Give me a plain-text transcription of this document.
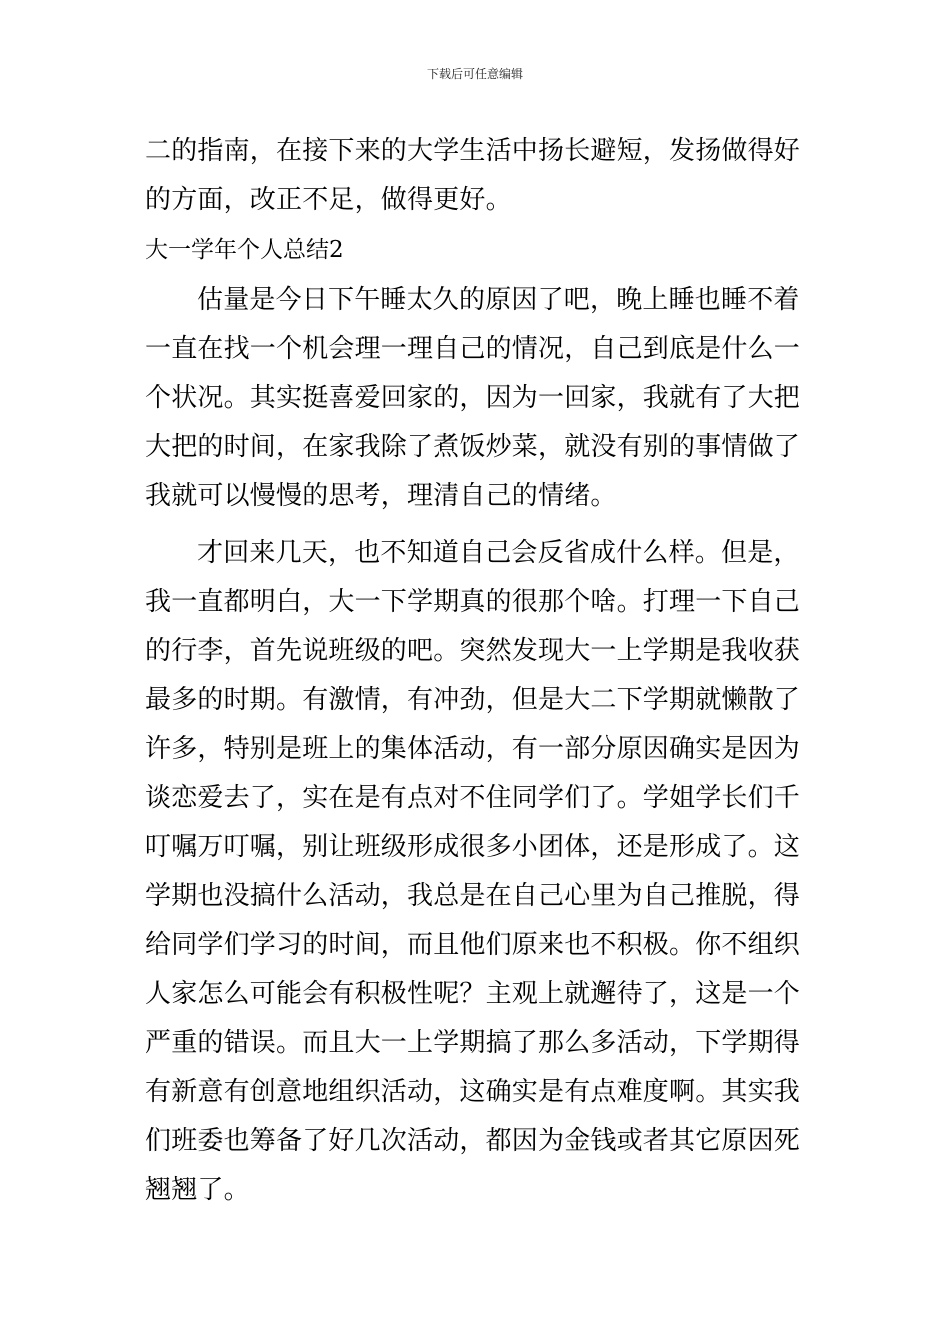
下载后可任意编辑
二的指南，在接下来的大学生活中扬长避短，发扬做得好
的方面，改正不足，做得更好。
大一学年个人总结2
估量是今日下午睡太久的原因了吧，晚上睡也睡不着
一直在找一个机会理一理自己的情况，自己到底是什么一
个状况。其实挺喜爱回家的，因为一回家，我就有了大把
大把的时间，在家我除了煮饭炒菜，就没有别的事情做了
我就可以慢慢的思考，理清自己的情绪。
才回来几天，也不知道自己会反省成什么样。但是，
我一直都明白，大一下学期真的很那个啥。打理一下自己
的行李，首先说班级的吧。突然发现大一上学期是我收获
最多的时期。有激情，有冲劲，但是大二下学期就懒散了
许多，特别是班上的集体活动，有一部分原因确实是因为
谈恋爱去了，实在是有点对不住同学们了。学姐学长们千
叮嘱万叮嘱，别让班级形成很多小团体，还是形成了。这
学期也没搞什么活动，我总是在自己心里为自己推脱，得
给同学们学习的时间，而且他们原来也不积极。你不组织
人家怎么可能会有积极性呢？主观上就邂待了，这是一个
严重的错误。而且大一上学期搞了那么多活动，下学期得
有新意有创意地组织活动，这确实是有点难度啊。其实我
们班委也筹备了好几次活动，都因为金钱或者其它原因死
翘翘了。
